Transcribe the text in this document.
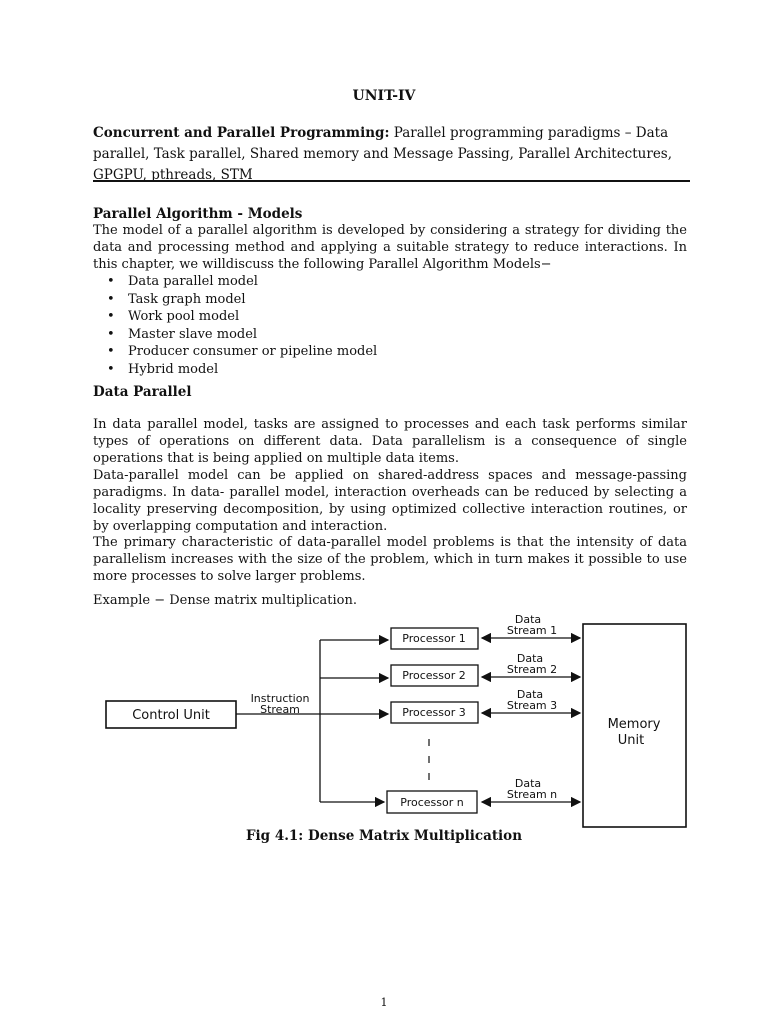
UNIT-IV
Concurrent and Parallel Programming: Parallel programming paradigms – Data parallel, Task parallel, Shared memory and Message Passing, Parallel Architectures, GPGPU, pthreads, STM
Parallel Algorithm - Models
The model of a parallel algorithm is developed by considering a strategy for dividing the data and processing method and applying a suitable strategy to reduce interactions. In this chapter, we willdiscuss the following Parallel Algorithm Models−
• Data parallel model
• Task graph model
• Work pool model
• Master slave model
• Producer consumer or pipeline model
• Hybrid model
Data Parallel
In data parallel model, tasks are assigned to processes and each task performs similar types of operations on different data. Data parallelism is a consequence of single operations that is being applied on multiple data items.
Data-parallel model can be applied on shared-address spaces and message-passing paradigms. In data- parallel model, interaction overheads can be reduced by selecting a locality preserving decomposition, by using optimized collective interaction routines, or by overlapping computation and interaction.
The primary characteristic of data-parallel model problems is that the intensity of data parallelism increases with the size of the problem, which in turn makes it possible to use more processes to solve larger problems.
Example − Dense matrix multiplication.
Control Unit
Instruction
Stream
Processor 1
Processor 2
Processor 3
Processor n
Data
Stream 1
Data
Stream 2
Data
Stream 3
Data
Stream n
Memory
Unit
Fig 4.1: Dense Matrix Multiplication
1
